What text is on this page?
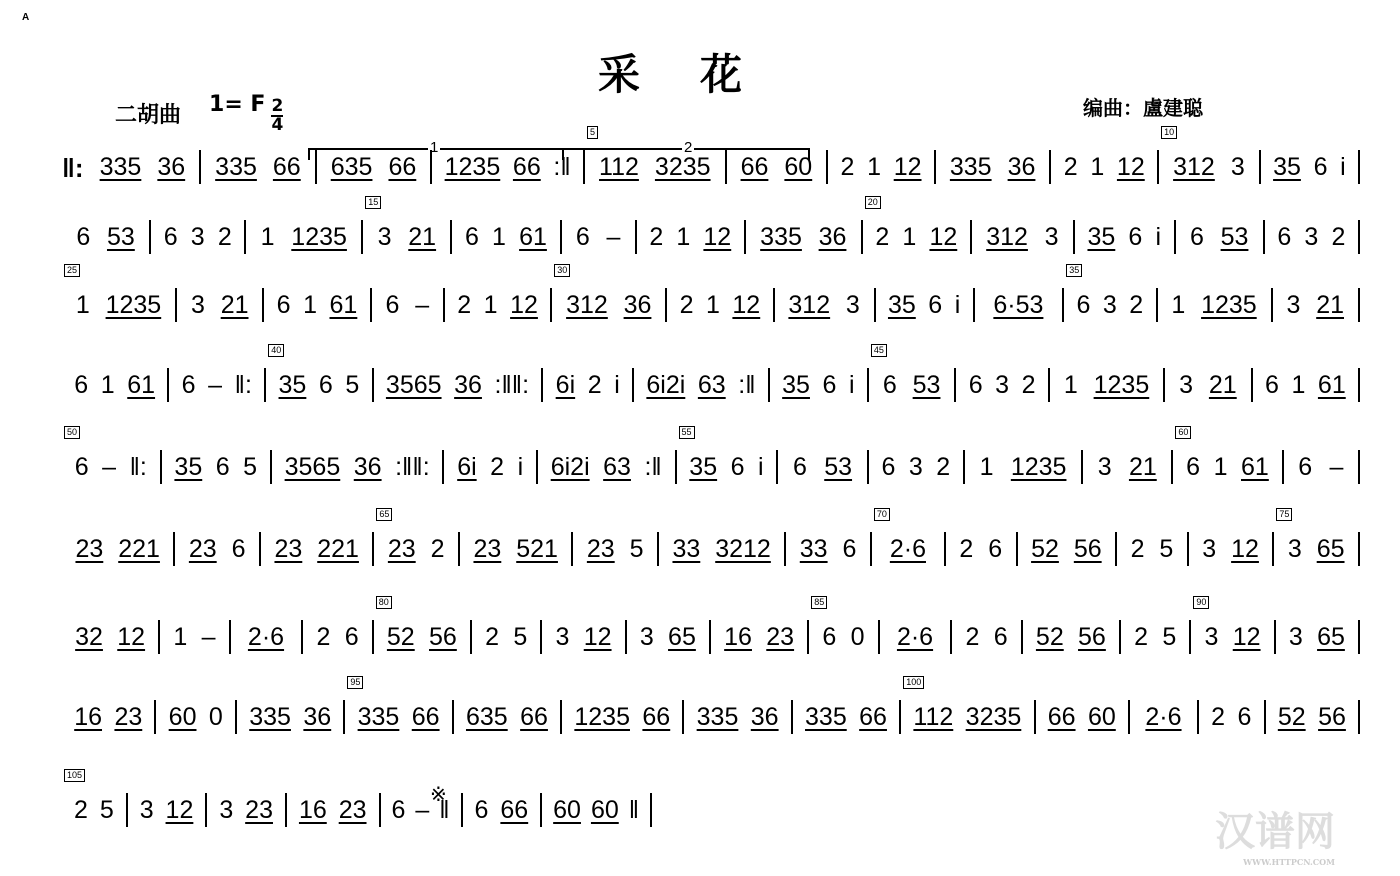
A
采花
二胡曲 1= F $\frac{2}{4}$	编曲：盧建聪
1	2
※
‖: 335 36 335 66 635 66 1235 66 :‖
5
112 3235 66 60 2 1 12 335 36 2 1 12
10
312 3 35 6 i
6 53 6 3 2 1 1235
15
3 21 6 1 61 6 – 2 1 12 335 36
20
2 1 12 312 3 35 6 i 6 53 6 3 2
25
1 1235 3 21 6 1 61 6 – 2 1 12
30
312 36 2 1 12 312 3 35 6 i 6·53
35
6 3 2 1 1235 3 21
6 1 61 6 – ‖:
40
35 6 5 3565 36 :‖‖: 6i 2 i 6i2i 63 :‖ 35 6 i
45
6 53 6 3 2 1 1235 3 21 6 1 61
50
6 – ‖: 35 6 5 3565 36 :‖‖: 6i 2 i 6i2i 63 :‖
55
35 6 i 6 53 6 3 2 1 1235 3 21
60
6 1 61 6 –
23 221 23 6 23 221
65
23 2 23 521 23 5 33 3212 33 6
70
2·6 2 6 52 56 2 5 3 12
75
3 65
32 12 1 – 2·6 2 6
80
52 56 2 5 3 12 3 65 16 23
85
6 0 2·6 2 6 52 56 2 5
90
3 12 3 65
16 23 60 0 335 36
95
335 66 635 66 1235 66 335 36 335 66
100
112 3235 66 60 2·6 2 6 52 56
105
2 5 3 12 3 23 16 23 6 – ‖ 6 66 60 60 ‖	汉谱网
WWW.HTTPCN.COM
